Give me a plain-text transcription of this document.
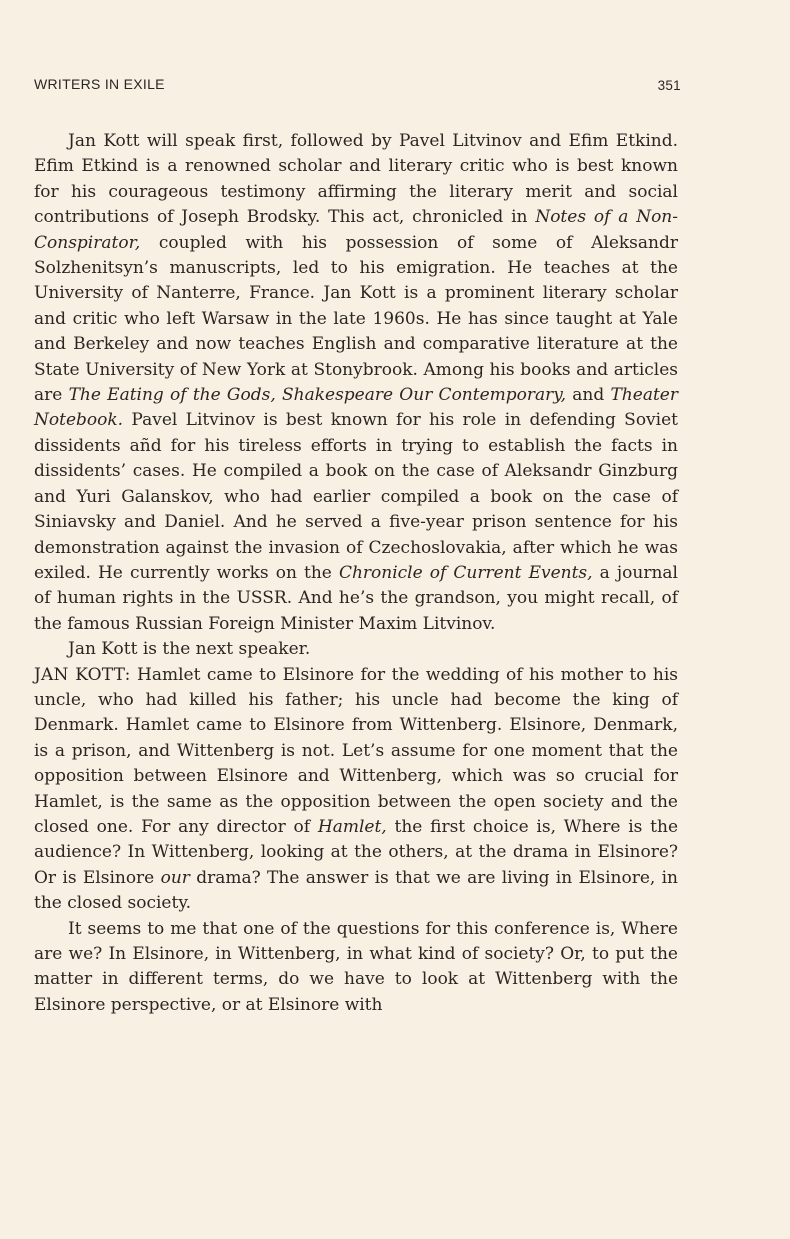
WRITERS IN EXILE	351

Jan Kott will speak first, followed by Pavel Litvinov and Efim Etkind. Efim Etkind is a renowned scholar and literary critic who is best known for his courageous testimony affirming the literary merit and social contributions of Joseph Brodsky. This act, chronicled in Notes of a Non-Conspirator, coupled with his possession of some of Aleksandr Solzhenitsyn’s manuscripts, led to his emigration. He teaches at the University of Nanterre, France. Jan Kott is a prominent literary scholar and critic who left Warsaw in the late 1960s. He has since taught at Yale and Berkeley and now teaches English and comparative literature at the State University of New York at Stonybrook. Among his books and articles are The Eating of the Gods, Shakespeare Our Contemporary, and Theater Notebook. Pavel Litvinov is best known for his role in defending Soviet dissidents añd for his tireless efforts in trying to establish the facts in dissidents’ cases. He compiled a book on the case of Aleksandr Ginzburg and Yuri Galanskov, who had earlier compiled a book on the case of Siniavsky and Daniel. And he served a five-year prison sentence for his demonstration against the invasion of Czechoslovakia, after which he was exiled. He currently works on the Chronicle of Current Events, a journal of human rights in the USSR. And he’s the grandson, you might recall, of the famous Russian Foreign Minister Maxim Litvinov.

Jan Kott is the next speaker.

JAN KOTT: Hamlet came to Elsinore for the wedding of his mother to his uncle, who had killed his father; his uncle had become the king of Denmark. Hamlet came to Elsinore from Wittenberg. Elsinore, Denmark, is a prison, and Wittenberg is not. Let’s assume for one moment that the opposition between Elsinore and Wittenberg, which was so crucial for Hamlet, is the same as the opposition between the open society and the closed one. For any director of Hamlet, the first choice is, Where is the audience? In Wittenberg, looking at the others, at the drama in Elsinore? Or is Elsinore our drama? The answer is that we are living in Elsinore, in the closed society.

It seems to me that one of the questions for this conference is, Where are we? In Elsinore, in Wittenberg, in what kind of society? Or, to put the matter in different terms, do we have to look at Wittenberg with the Elsinore perspective, or at Elsinore with
